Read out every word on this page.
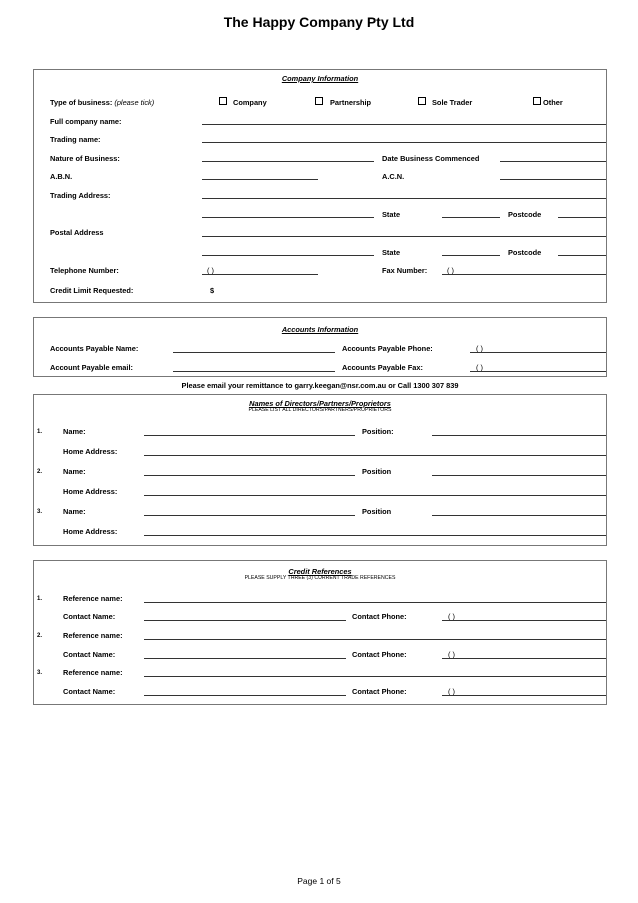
The Happy Company Pty Ltd
Company Information
Type of business: (please tick)	Company	Partnership	Sole Trader	Other
Full company name:
Trading name:
Nature of Business:	Date Business Commenced
A.B.N.	A.C.N.
Trading Address:
State	Postcode
Postal Address
State	Postcode
Telephone Number:	( )	Fax Number:	( )
Credit Limit Requested:	$
Accounts Information
Accounts Payable Name:	Accounts Payable Phone:	( )
Account Payable email:	Accounts Payable Fax:	( )
Please email your remittance to garry.keegan@nsr.com.au or Call 1300 307 839
Names of Directors/Partners/Proprietors
PLEASE LIST ALL DIRECTORS/PARTNERS/PROPRIETORS
1.	Name:	Position:
Home Address:
2.	Name:	Position
Home Address:
3.	Name:	Position
Home Address:
Credit References
PLEASE SUPPLY THREE (3) CURRENT TRADE REFERENCES
1.	Reference name:
Contact Name:	Contact Phone:	( )
2.	Reference name:
Contact Name:	Contact Phone:	( )
3.	Reference name:
Contact Name:	Contact Phone:	( )
Page 1 of 5
